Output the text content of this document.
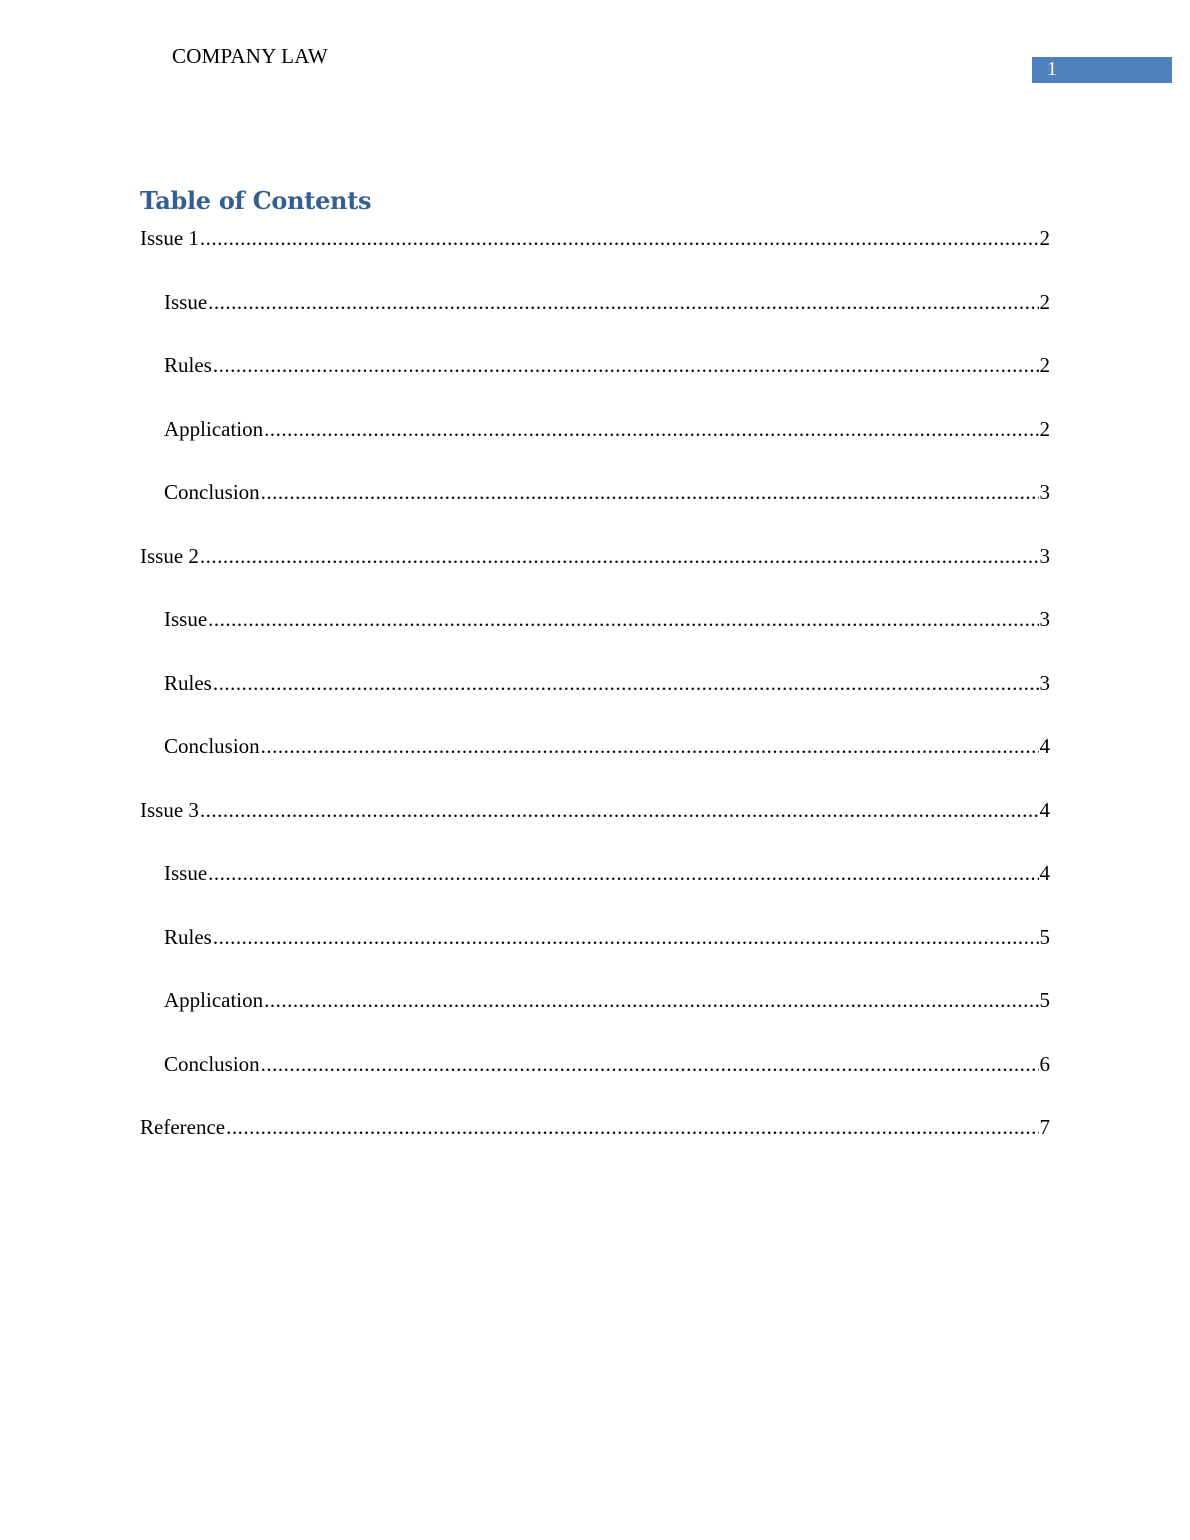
COMPANY LAW
1
Table of Contents
Issue 1 .....	2
Issue .....	2
Rules .....	2
Application .....	2
Conclusion .....	3
Issue 2 .....	3
Issue .....	3
Rules .....	3
Conclusion .....	4
Issue 3 .....	4
Issue .....	4
Rules .....	5
Application .....	5
Conclusion .....	6
Reference .....	7
